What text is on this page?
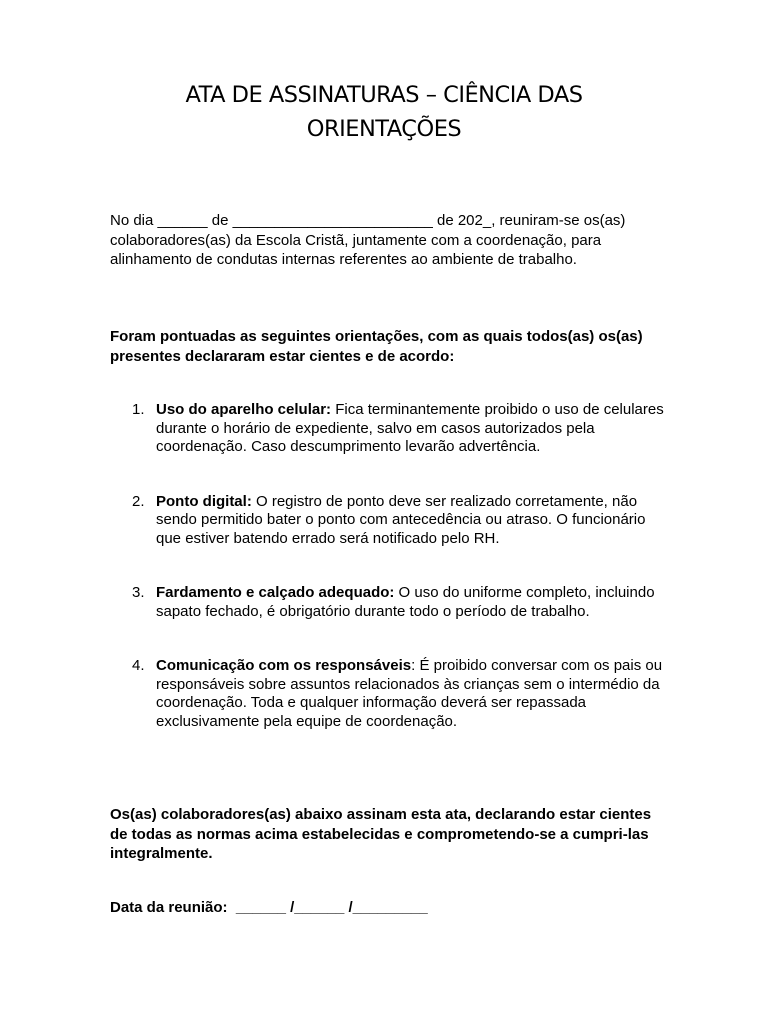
ATA DE ASSINATURAS – CIÊNCIA DAS
ORIENTAÇÕES

No dia ______ de ________________________ de 202_, reuniram-se os(as) colaboradores(as) da Escola Cristã, juntamente com a coordenação, para alinhamento de condutas internas referentes ao ambiente de trabalho.

Foram pontuadas as seguintes orientações, com as quais todos(as) os(as) presentes declararam estar cientes e de acordo:

1. Uso do aparelho celular: Fica terminantemente proibido o uso de celulares durante o horário de expediente, salvo em casos autorizados pela coordenação. Caso descumprimento levarão advertência.
2. Ponto digital: O registro de ponto deve ser realizado corretamente, não sendo permitido bater o ponto com antecedência ou atraso. O funcionário que estiver batendo errado será notificado pelo RH.
3. Fardamento e calçado adequado: O uso do uniforme completo, incluindo sapato fechado, é obrigatório durante todo o período de trabalho.
4. Comunicação com os responsáveis: É proibido conversar com os pais ou responsáveis sobre assuntos relacionados às crianças sem o intermédio da coordenação. Toda e qualquer informação deverá ser repassada exclusivamente pela equipe de coordenação.

Os(as) colaboradores(as) abaixo assinam esta ata, declarando estar cientes de todas as normas acima estabelecidas e comprometendo-se a cumpri-las integralmente.

Data da reunião:  ______ /______ /_________
